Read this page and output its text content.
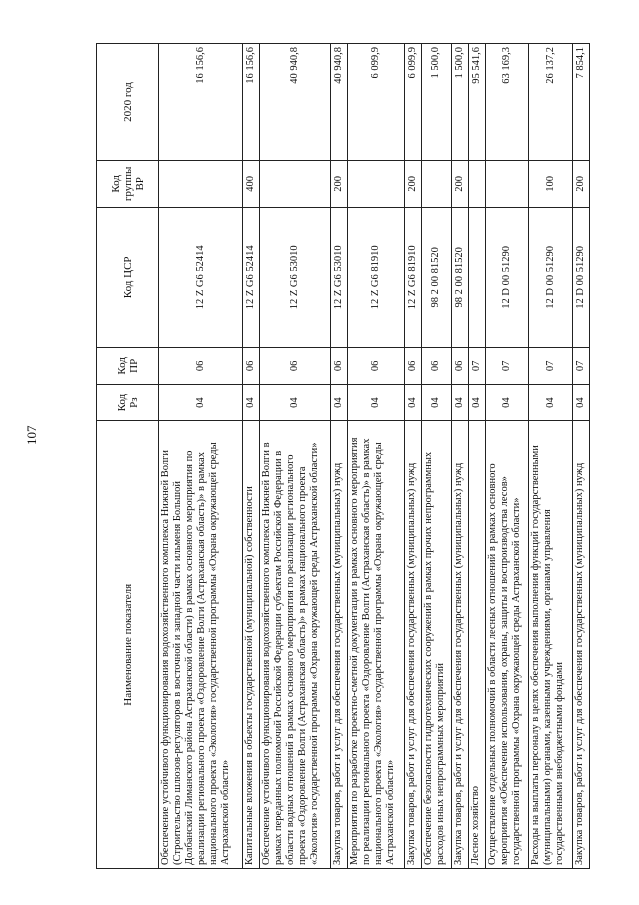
107
Наименование показателя	Код Рз	Код ПР	Код ЦСР	Код группы ВР	2020 год
Обеспечение устойчивого функционирования водохозяйственного комплекса Нижней Волги (Строительство шлюзов-регуляторов в восточной и западной части ильменя Большой Долбанский Лиманского района Астраханской области) в рамках основного мероприятия по реализации регионального проекта «Оздоровление Волги (Астраханская область)» в рамках национального проекта «Экология» государственной программы «Охрана окружающей среды Астраханской области»	04	06	12 Z G6 52414		16 156,6
Капитальные вложения в объекты государственной (муниципальной) собственности	04	06	12 Z G6 52414	400	16 156,6
Обеспечение устойчивого функционирования водохозяйственного комплекса Нижней Волги в рамках переданных полномочий Российской Федерации субъектам Российской Федерации в области водных отношений в рамках основного мероприятия по реализации регионального проекта «Оздоровление Волги (Астраханская область)» в рамках национального проекта «Экология» государственной программы «Охрана окружающей среды Астраханской области»	04	06	12 Z G6 53010		40 940,8
Закупка товаров, работ и услуг для обеспечения государственных (муниципальных) нужд	04	06	12 Z G6 53010	200	40 940,8
Мероприятия по разработке проектно-сметной документации в рамках основного мероприятия по реализации регионального проекта «Оздоровление Волги (Астраханская область)» в рамках национального проекта «Экология» государственной программы «Охрана окружающей среды Астраханской области»	04	06	12 Z G6 81910		6 099,9
Закупка товаров, работ и услуг для обеспечения государственных (муниципальных) нужд	04	06	12 Z G6 81910	200	6 099,9
Обеспечение безопасности гидротехнических сооружений в рамках прочих непрограммных расходов иных непрограммных мероприятий	04	06	98 2 00 81520		1 500,0
Закупка товаров, работ и услуг для обеспечения государственных (муниципальных) нужд	04	06	98 2 00 81520	200	1 500,0
Лесное хозяйство	04	07			95 541,6
Осуществление отдельных полномочий в области лесных отношений в рамках основного мероприятия «Обеспечение использования, охраны, защиты и воспроизводства лесов» государственной программы «Охрана окружающей среды Астраханской области»	04	07	12 D 00 51290		63 169,3
Расходы на выплаты персоналу в целях обеспечения выполнения функций государственными (муниципальными) органами, казенными учреждениями, органами управления государственными внебюджетными фондами	04	07	12 D 00 51290	100	26 137,2
Закупка товаров, работ и услуг для обеспечения государственных (муниципальных) нужд	04	07	12 D 00 51290	200	7 854,1
